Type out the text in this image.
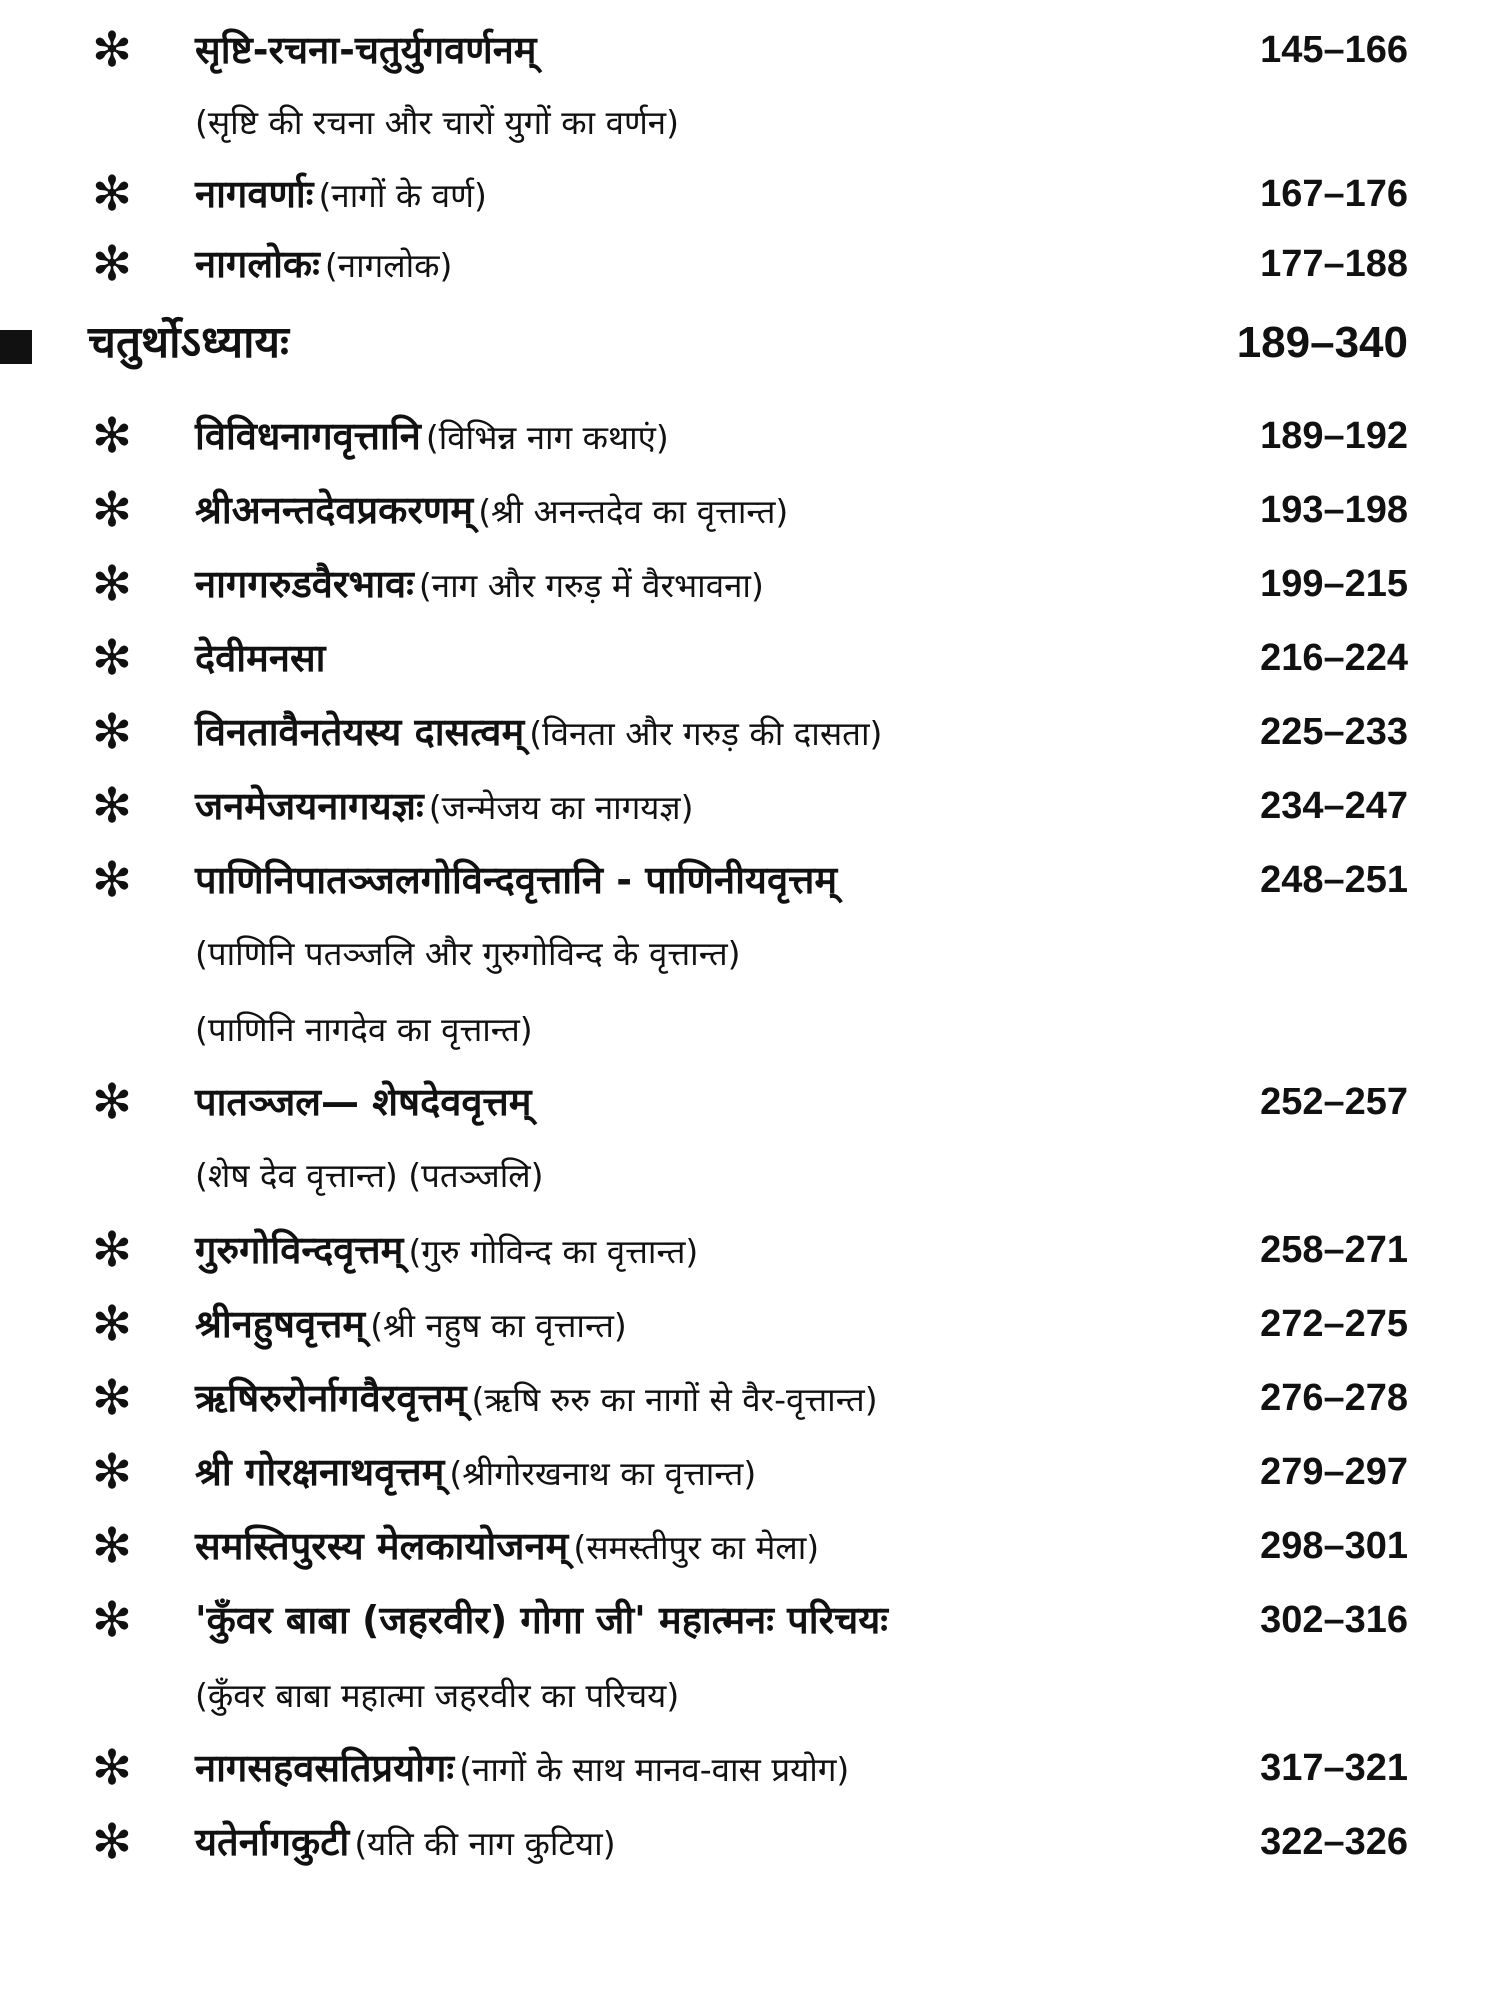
✻ सृष्टि-रचना-चतुर्युगवर्णनम्	145–166
(सृष्टि की रचना और चारों युगों का वर्णन)
✻ नागवर्णाः (नागों के वर्ण)	167–176
✻ नागलोकः (नागलोक)	177–188
चतुर्थोऽध्यायः	189–340
✻ विविधनागवृत्तानि (विभिन्न नाग कथाएं)	189–192
✻ श्रीअनन्तदेवप्रकरणम् (श्री अनन्तदेव का वृत्तान्त)	193–198
✻ नागगरुडवैरभावः (नाग और गरुड़ में वैरभावना)	199–215
✻ देवीमनसा	216–224
✻ विनतावैनतेयस्य दासत्वम् (विनता और गरुड़ की दासता)	225–233
✻ जनमेजयनागयज्ञः (जन्मेजय का नागयज्ञ)	234–247
✻ पाणिनिपातञ्जलगोविन्दवृत्तानि - पाणिनीयवृत्तम्	248–251
(पाणिनि पतञ्जलि और गुरुगोविन्द के वृत्तान्त)
(पाणिनि नागदेव का वृत्तान्त)
✻ पातञ्जल— शेषदेववृत्तम्	252–257
(शेष देव वृत्तान्त) (पतञ्जलि)
✻ गुरुगोविन्दवृत्तम् (गुरु गोविन्द का वृत्तान्त)	258–271
✻ श्रीनहुषवृत्तम् (श्री नहुष का वृत्तान्त)	272–275
✻ ऋषिरुरोर्नागवैरवृत्तम् (ऋषि रुरु का नागों से वैर-वृत्तान्त)	276–278
✻ श्री गोरक्षनाथवृत्तम् (श्रीगोरखनाथ का वृत्तान्त)	279–297
✻ समस्तिपुरस्य मेलकायोजनम् (समस्तीपुर का मेला)	298–301
✻ 'कुँवर बाबा (जहरवीर) गोगा जी' महात्मनः परिचयः	302–316
(कुँवर बाबा महात्मा जहरवीर का परिचय)
✻ नागसहवसतिप्रयोगः (नागों के साथ मानव-वास प्रयोग)	317–321
✻ यतेर्नागकुटी (यति की नाग कुटिया)	322–326
